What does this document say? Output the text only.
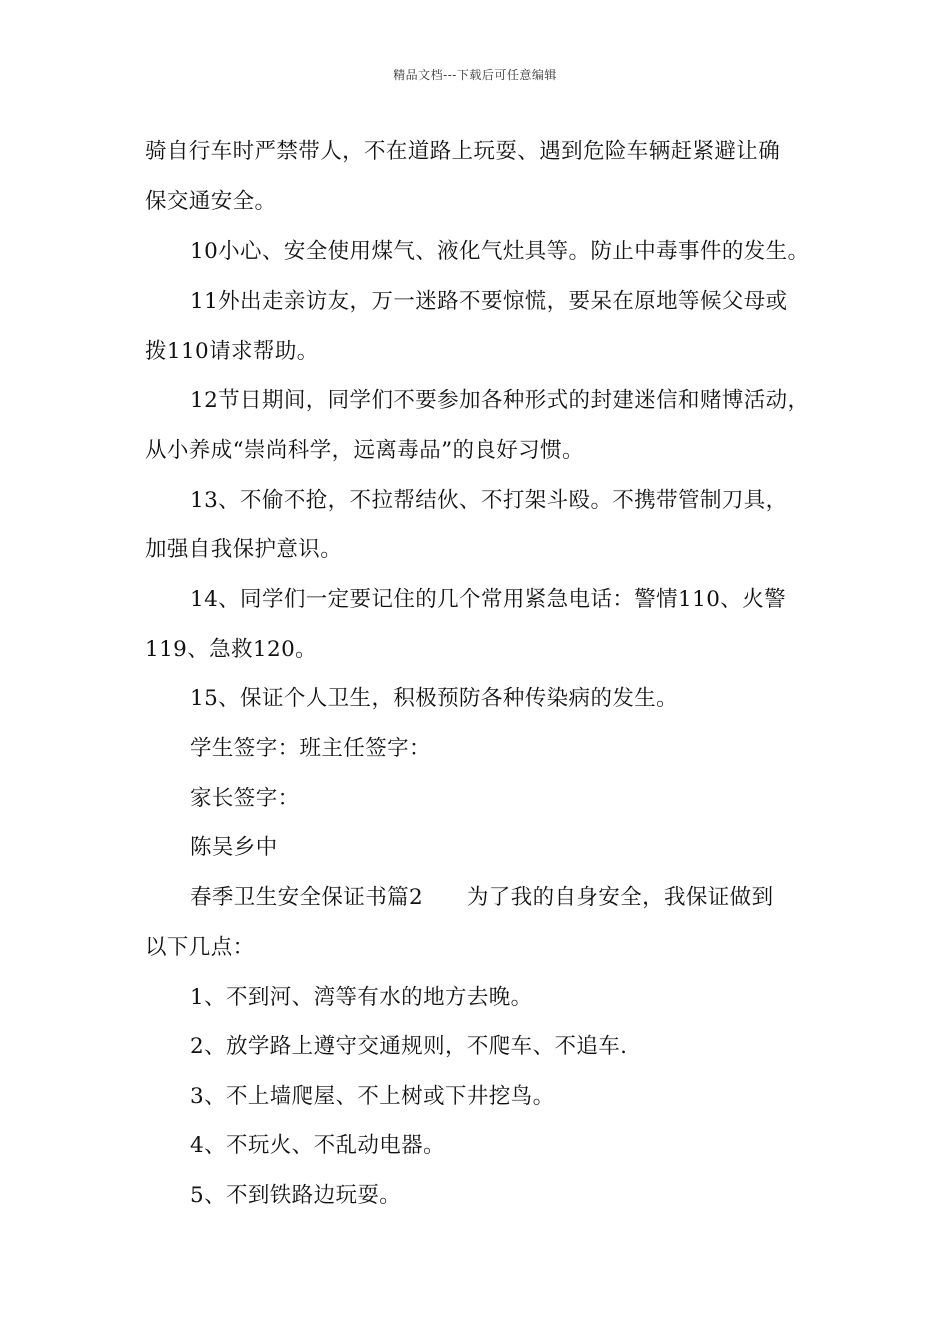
精品文档---下载后可任意编辑
骑自行车时严禁带人，不在道路上玩耍、遇到危险车辆赶紧避让确
保交通安全。
10小心、安全使用煤气、液化气灶具等。防止中毒事件的发生。
11外出走亲访友，万一迷路不要惊慌，要呆在原地等候父母或
拨110请求帮助。
12节日期间，同学们不要参加各种形式的封建迷信和赌博活动，
从小养成“崇尚科学，远离毒品”的良好习惯。
13、不偷不抢，不拉帮结伙、不打架斗殴。不携带管制刀具，
加强自我保护意识。
14、同学们一定要记住的几个常用紧急电话：警情110、火警
119、急救120。
15、保证个人卫生，积极预防各种传染病的发生。
学生签字：班主任签字：
家长签字：
陈吴乡中
春季卫生安全保证书篇2　　为了我的自身安全，我保证做到
以下几点：
1、不到河、湾等有水的地方去晚。
2、放学路上遵守交通规则，不爬车、不追车.
3、不上墙爬屋、不上树或下井挖鸟。
4、不玩火、不乱动电器。
5、不到铁路边玩耍。
